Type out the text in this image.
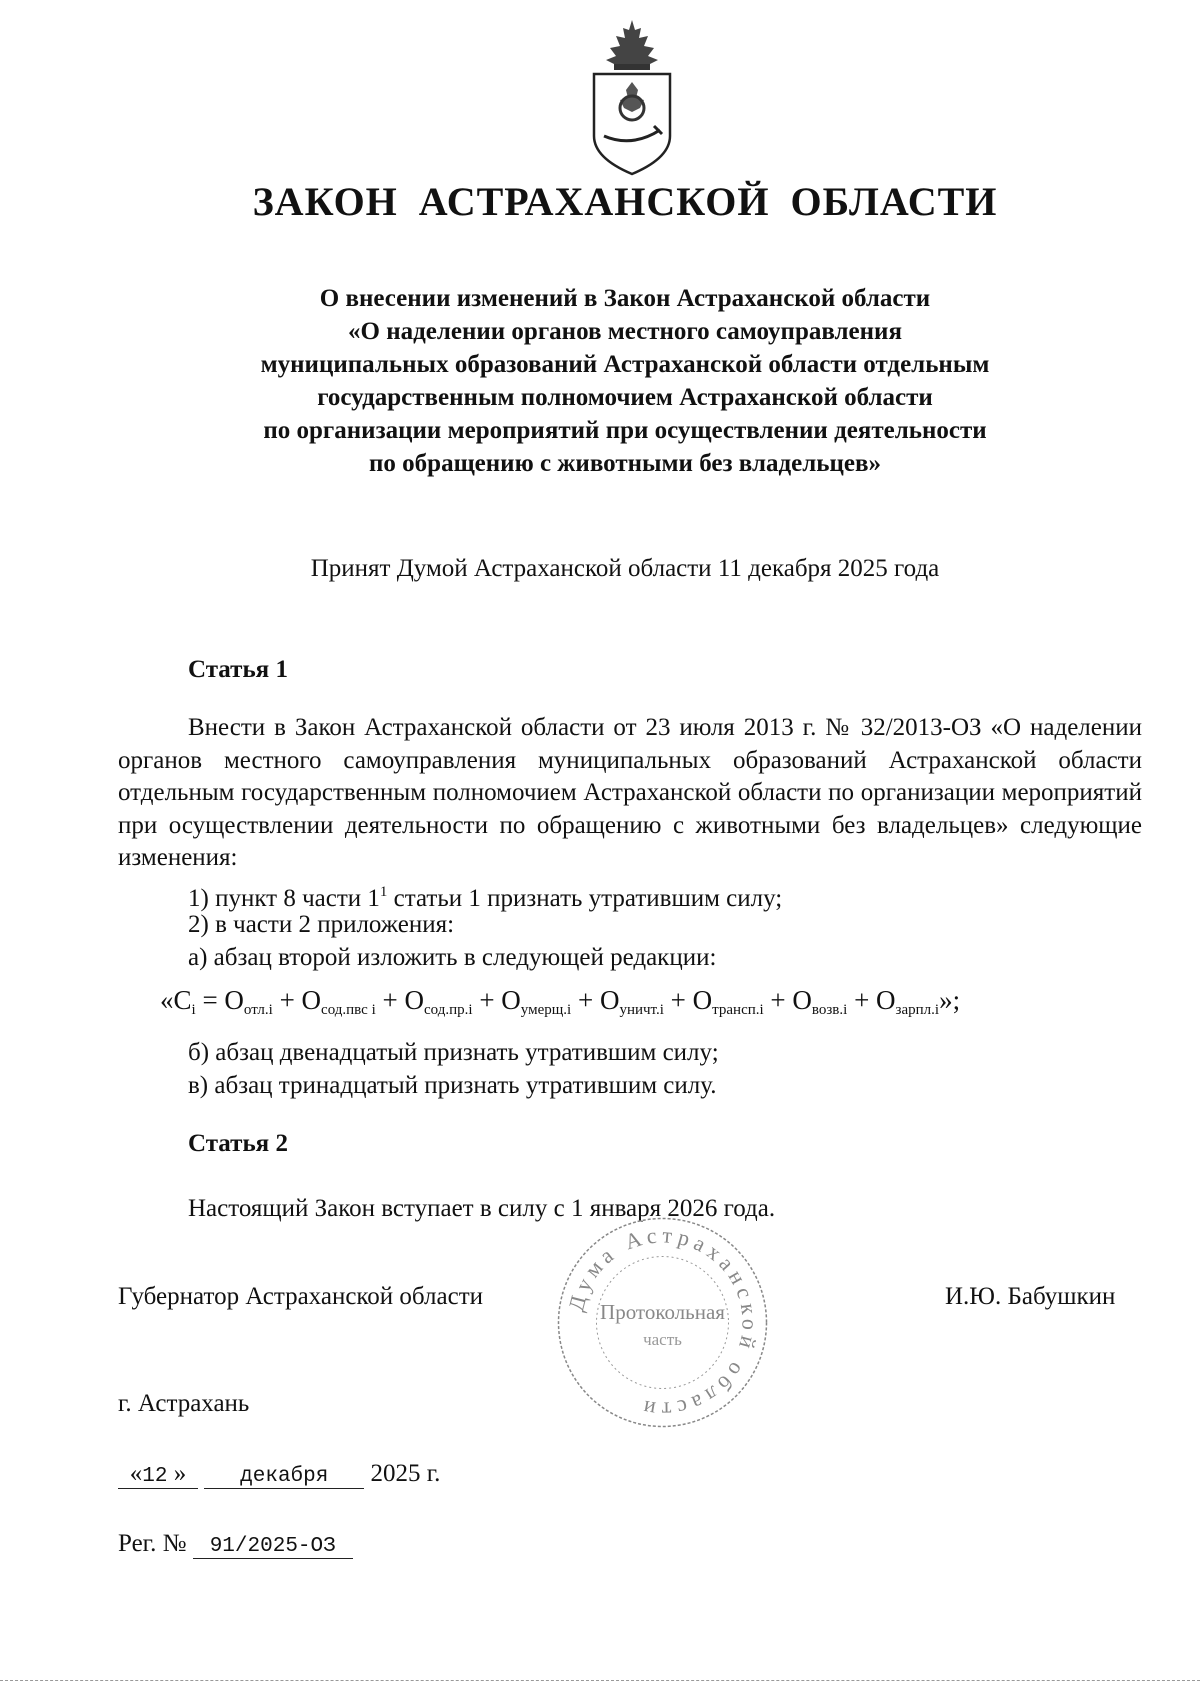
ЗАКОН АСТРАХАНСКОЙ ОБЛАСТИ
О внесении изменений в Закон Астраханской области
«О наделении органов местного самоуправления
муниципальных образований Астраханской области отдельным
государственным полномочием Астраханской области
по организации мероприятий при осуществлении деятельности
по обращению с животными без владельцев»
Принят Думой Астраханской области 11 декабря 2025 года
Статья 1
Внести в Закон Астраханской области от 23 июля 2013 г. № 32/2013-ОЗ «О наделении органов местного самоуправления муниципальных образований Астраханской области отдельным государственным полномочием Астраханской области по организации мероприятий при осуществлении деятельности по обращению с животными без владельцев» следующие изменения:
1) пункт 8 части $1^1$ статьи 1 признать утратившим силу;
2) в части 2 приложения:
а) абзац второй изложить в следующей редакции:
«$C_i = O_{отл.i} + O_{сод.пвс i} + O_{сод.пр.i} + O_{умерщ.i} + O_{уничт.i} + O_{трансп.i} + O_{возв.i} + O_{зарпл.i}$»;
б) абзац двенадцатый признать утратившим силу;
в) абзац тринадцатый признать утратившим силу.
Статья 2
Настоящий Закон вступает в силу с 1 января 2026 года.
Дума Астраханской области
Протокольная
часть
Губернатор Астраханской области	И.Ю. Бабушкин
г. Астрахань
«12 »	декабря 2025 г.
Рег. № 91/2025-ОЗ
